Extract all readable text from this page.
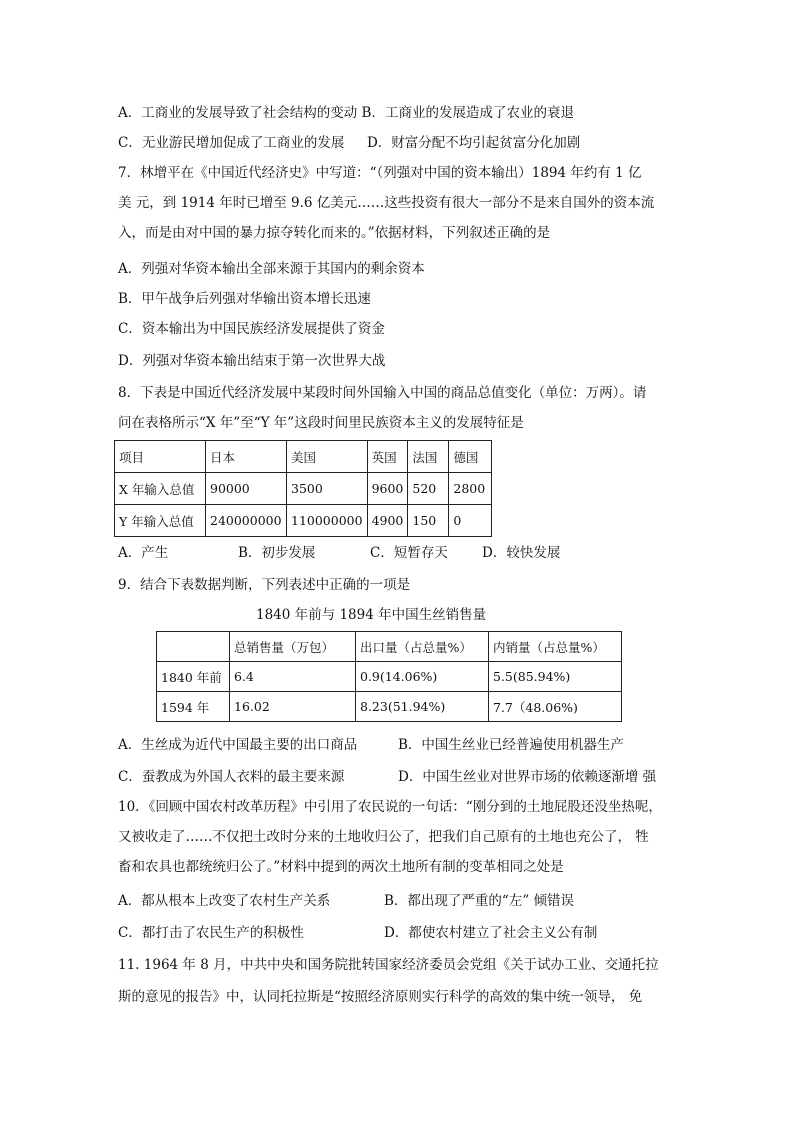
A．工商业的发展导致了社会结构的变动 B．工商业的发展造成了农业的衰退
C．无业游民增加促成了工商业的发展 D．财富分配不均引起贫富分化加剧
7．林增平在《中国近代经济史》中写道：“（列强对中国的资本输出）1894 年约有 1 亿
美 元，到 1914 年时已增至 9.6 亿美元……这些投资有很大一部分不是来自国外的资本流
入，而是由对中国的暴力掠夺转化而来的。”依据材料，下列叙述正确的是
A．列强对华资本输出全部来源于其国内的剩余资本
B．甲午战争后列强对华输出资本增长迅速
C．资本输出为中国民族经济发展提供了资金
D．列强对华资本输出结束于第一次世界大战
8．下表是中国近代经济发展中某段时间外国输入中国的商品总值变化（单位：万两）。请
问在表格所示“X 年”至“Y 年”这段时间里民族资本主义的发展特征是
项目	日本	美国	英国	法国	德国
X 年输入总值	90000	3500	9600	520	2800
Y 年输入总值	240000000	110000000	4900	150	0
A．产生	B．初步发展	C．短暂存天	D．较快发展
9．结合下表数据判断，下列表述中正确的一项是
1840 年前与 1894 年中国生丝销售量
	总销售量（万包）	出口量（占总量%）	内销量（占总量%）
1840 年前	6.4	0.9(14.06%)	5.5(85.94%)
1594 年	16.02	8.23(51.94%)	7.7（48.06%)
A．生丝成为近代中国最主要的出口商品	B．中国生丝业已经普遍使用机器生产
C．蚕教成为外国人衣料的最主要来源	D．中国生丝业对世界市场的依赖逐渐增 强
10．《回顾中国农村改革历程》中引用了农民说的一句话：“刚分到的土地屁股还没坐热呢，
又被收走了……不仅把土改时分来的土地收归公了，把我们自己原有的土地也充公了， 牲
畜和农具也都统统归公了。”材料中提到的两次土地所有制的变革相同之处是
A．都从根本上改变了农村生产关系	B．都出现了严重的“左” 倾错误
C．都打击了农民生产的积极性	D．都使农村建立了社会主义公有制
11. 1964 年 8 月，中共中央和国务院批转国家经济委员会党组《关于试办工业、交通托拉
斯的意见的报告》中，认同托拉斯是“按照经济原则实行科学的高效的集中统一领导， 免
